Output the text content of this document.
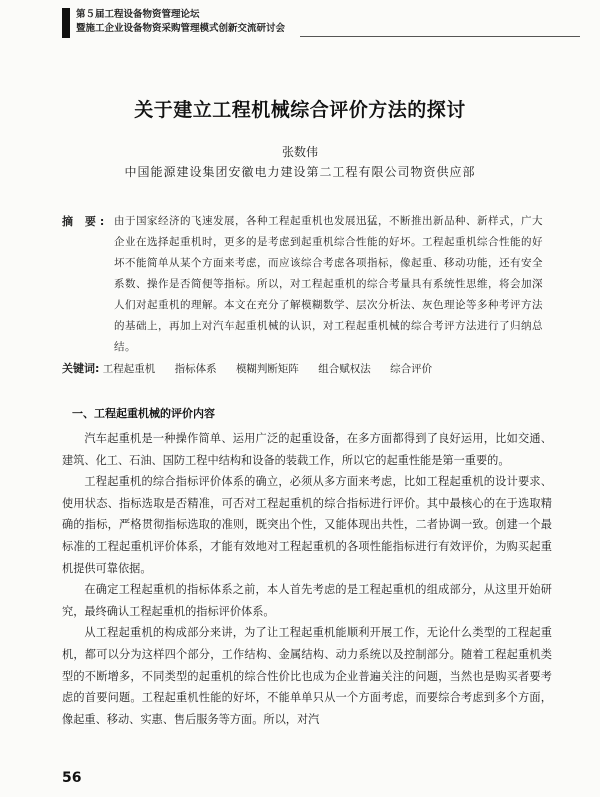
第５届工程设备物资管理论坛
暨施工企业设备物资采购管理模式创新交流研讨会
关于建立工程机械综合评价方法的探讨
张数伟
中国能源建设集团安徽电力建设第二工程有限公司物资供应部
摘 要: 由于国家经济的飞速发展，各种工程起重机也发展迅猛，不断推出新品种、新样式，广大企业在选择起重机时，更多的是考虑到起重机综合性能的好坏。工程起重机综合性能的好坏不能简单从某个方面来考虑，而应该综合考虑各项指标，像起重、移动功能，还有安全系数、操作是否简便等指标。所以，对工程起重机的综合考量具有系统性思维，将会加深人们对起重机的理解。本文在充分了解模糊数学、层次分析法、灰色理论等多种考评方法的基础上，再加上对汽车起重机械的认识，对工程起重机械的综合考评方法进行了归纳总结。
关键词: 工程起重机 指标体系 模糊判断矩阵 组合赋权法 综合评价
一、工程起重机械的评价内容

汽车起重机是一种操作简单、运用广泛的起重设备，在多方面都得到了良好运用，比如交通、建筑、化工、石油、国防工程中结构和设备的装载工作，所以它的起重性能是第一重要的。

工程起重机的综合指标评价体系的确立，必须从多方面来考虑，比如工程起重机的设计要求、使用状态、指标选取是否精准，可否对工程起重机的综合指标进行评价。其中最核心的在于选取精确的指标，严格贯彻指标选取的准则，既突出个性，又能体现出共性，二者协调一致。创建一个最标准的工程起重机评价体系，才能有效地对工程起重机的各项性能指标进行有效评价，为购买起重机提供可靠依据。

在确定工程起重机的指标体系之前，本人首先考虑的是工程起重机的组成部分，从这里开始研究，最终确认工程起重机的指标评价体系。

从工程起重机的构成部分来讲，为了让工程起重机能顺利开展工作，无论什么类型的工程起重机，都可以分为这样四个部分，工作结构、金属结构、动力系统以及控制部分。随着工程起重机类型的不断增多，不同类型的起重机的综合性价比也成为企业普遍关注的问题，当然也是购买者要考虑的首要问题。工程起重机性能的好坏，不能单单只从一个方面考虑，而要综合考虑到多个方面，像起重、移动、实惠、售后服务等方面。所以，对汽

56
